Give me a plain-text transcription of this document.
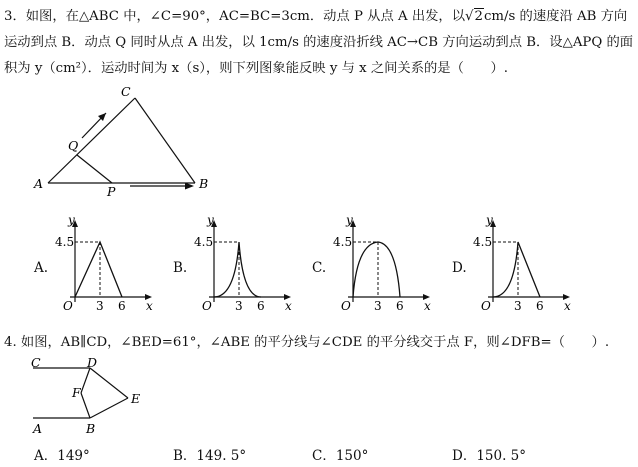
3．如图，在△ABC 中，∠C=90°，AC=BC=3cm．动点 P 从点 A 出发，以√2cm/s 的速度沿 AB 方向
运动到点 B．动点 Q 同时从点 A 出发，以 1cm/s 的速度沿折线 AC→CB 方向运动到点 B．设△APQ 的面
积为 y（cm²）．运动时间为 x（s），则下列图象能反映 y 与 x 之间关系的是（　　）.
C
Q
A
P
B
A.	B.	C.	D.
y
4.5
O 3 6 x
y
4.5
O 3 6 x
y
4.5
O 3 6 x
y
4.5
O 3 6 x
4. 如图，AB∥CD，∠BED=61°，∠ABE 的平分线与∠CDE 的平分线交于点 F，则∠DFB=（　　）.
C	D
F	E
A	B
A．149°	B．149. 5°	C．150°	D．150. 5°
